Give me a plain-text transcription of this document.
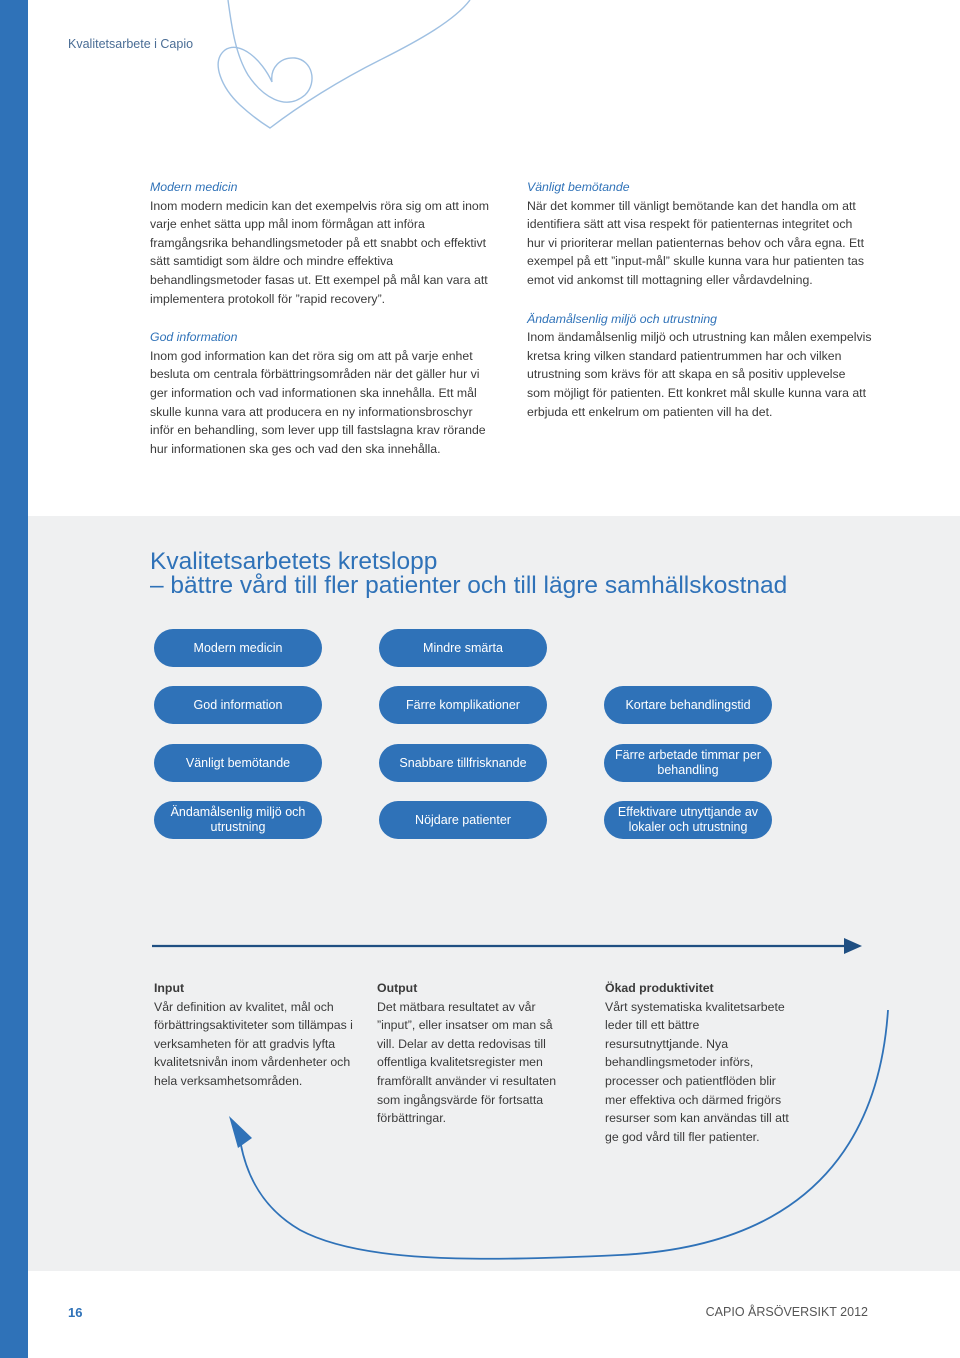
Kvalitetsarbete i Capio

Modern medicin
Inom modern medicin kan det exempelvis röra sig om att inom varje enhet sätta upp mål inom förmågan att införa framgångsrika behandlingsmetoder på ett snabbt och effektivt sätt samtidigt som äldre och mindre effektiva behandlingsmetoder fasas ut. Ett exempel på mål kan vara att implementera protokoll för ”rapid recovery”.

God information
Inom god information kan det röra sig om att på varje enhet besluta om centrala förbättringsområden när det gäller hur vi ger information och vad informationen ska innehålla. Ett mål skulle kunna vara att producera en ny informationsbroschyr inför en behandling, som lever upp till fastslagna krav rörande hur informationen ska ges och vad den ska innehålla.

Vänligt bemötande
När det kommer till vänligt bemötande kan det handla om att identifiera sätt att visa respekt för patienternas integritet och hur vi prioriterar mellan patienternas behov och våra egna. Ett exempel på ett ”input-mål” skulle kunna vara hur patienten tas emot vid ankomst till mottagning eller vårdavdelning.

Ändamålsenlig miljö och utrustning
Inom ändamålsenlig miljö och utrustning kan målen exempelvis kretsa kring vilken standard patientrummen har och vilken utrustning som krävs för att skapa en så positiv upplevelse som möjligt för patienten. Ett konkret mål skulle kunna vara att erbjuda ett enkelrum om patienten vill ha det.

Kvalitetsarbetets kretslopp
– bättre vård till fler patienter och till lägre samhällskostnad
Modern medicin
God information
Vänligt bemötande
Ändamålsenlig miljö och utrustning
Mindre smärta
Färre komplikationer
Snabbare tillfrisknande
Nöjdare patienter
Kortare behandlingstid
Färre arbetade timmar per behandling
Effektivare utnyttjande av lokaler och utrustning
Input

Vår definition av kvalitet, mål och förbättringsaktiviteter som tillämpas i verksamheten för att gradvis lyfta kvalitetsnivån inom vårdenheter och hela verksamhetsområden.

Output

Det mätbara resultatet av vår ”input”, eller insatser om man så vill. Delar av detta redovisas till offentliga kvalitetsregister men framförallt använder vi resultaten som ingångsvärde för fortsatta förbättringar.

Ökad produktivitet

Vårt systematiska kvalitetsarbete leder till ett bättre resursutnyttjande. Nya behandlingsmetoder införs, processer och patientflöden blir mer effektiva och därmed frigörs resurser som kan användas till att ge god vård till fler patienter.

16	CAPIO ÅRSÖVERSIKT 2012
